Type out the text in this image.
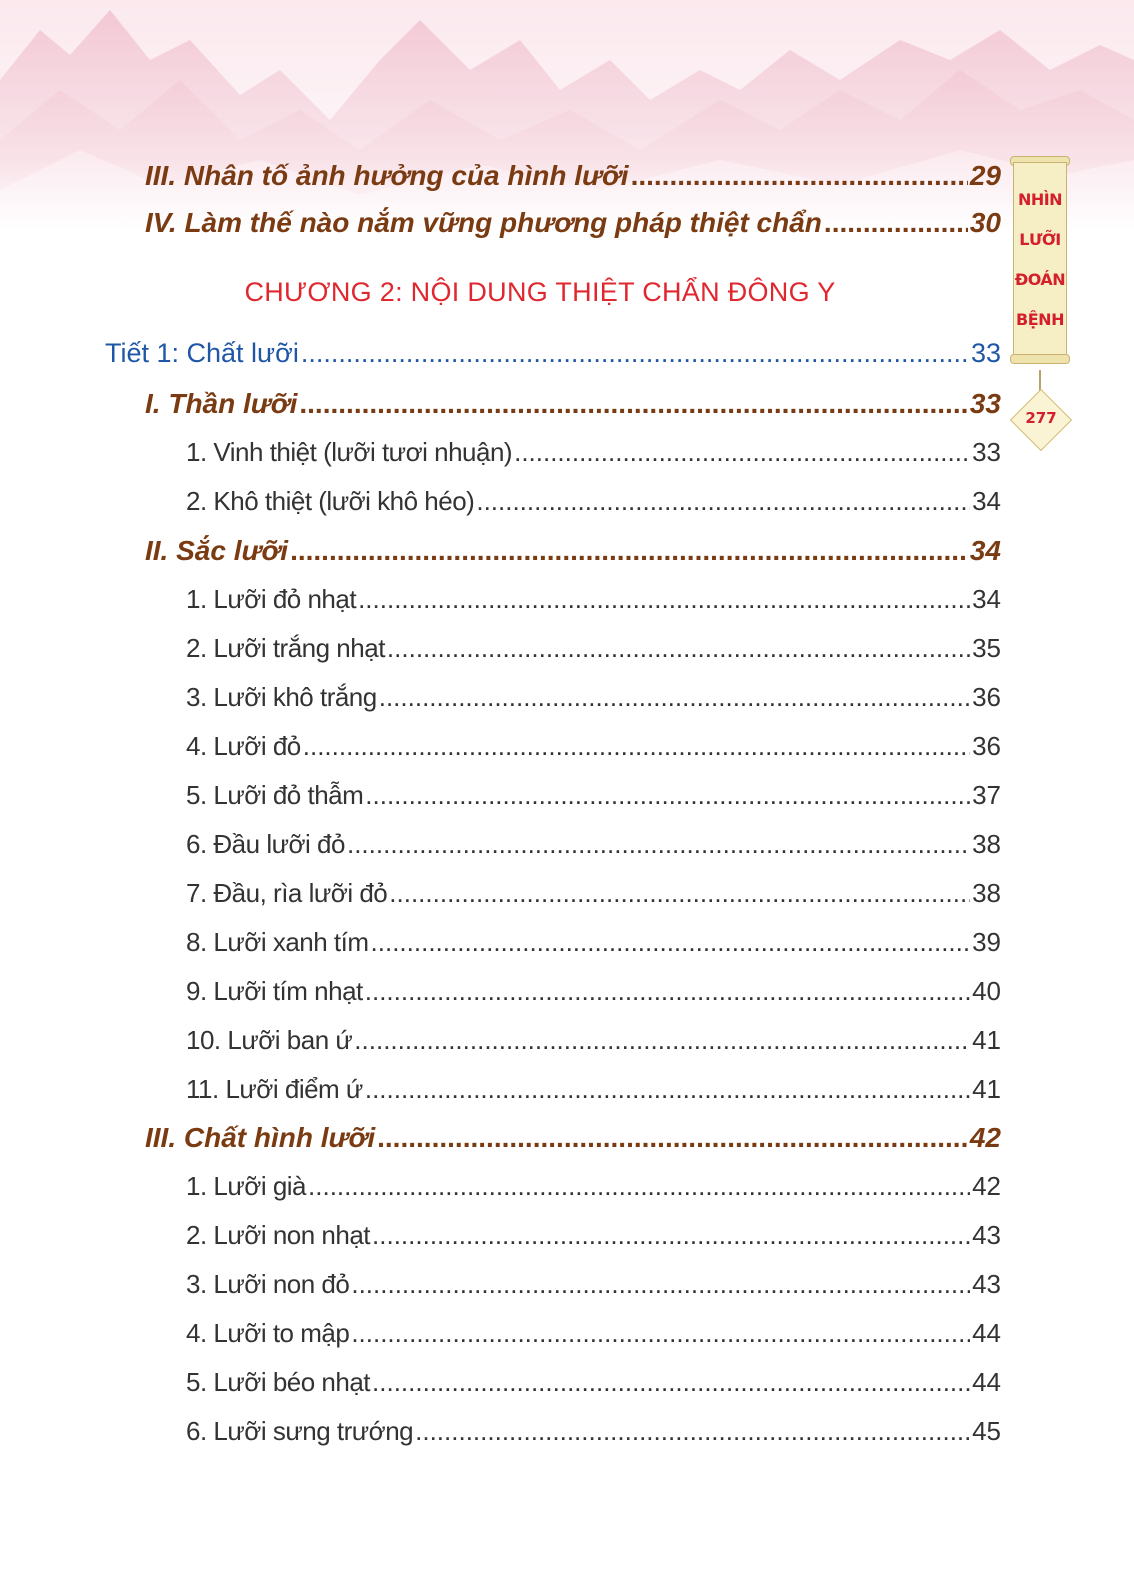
NHÌN
LƯỠI
ĐOÁN
BỆNH
277
III. Nhân tố ảnh hưởng của hình lưỡi .....	29
IV. Làm thế nào nắm vững phương pháp thiệt chẩn .....	30
CHƯƠNG 2: NỘI DUNG THIỆT CHẨN ĐÔNG Y
Tiết 1: Chất lưỡi .....	33
I. Thần lưỡi .....	33
1. Vinh thiệt (lưỡi tươi nhuận) .....	33
2. Khô thiệt (lưỡi khô héo) .....	34
II. Sắc lưỡi .....	34
1. Lưỡi đỏ nhạt .....	34
2. Lưỡi trắng nhạt .....	35
3. Lưỡi khô trắng .....	36
4. Lưỡi đỏ .....	36
5. Lưỡi đỏ thẫm .....	37
6. Đầu lưỡi đỏ .....	38
7. Đầu, rìa lưỡi đỏ .....	38
8. Lưỡi xanh tím .....	39
9. Lưỡi tím nhạt .....	40
10. Lưỡi ban ứ .....	41
11. Lưỡi điểm ứ .....	41
III. Chất hình lưỡi .....	42
1. Lưỡi già .....	42
2. Lưỡi non nhạt .....	43
3. Lưỡi non đỏ .....	43
4. Lưỡi to mập .....	44
5. Lưỡi béo nhạt .....	44
6. Lưỡi sưng trướng .....	45
